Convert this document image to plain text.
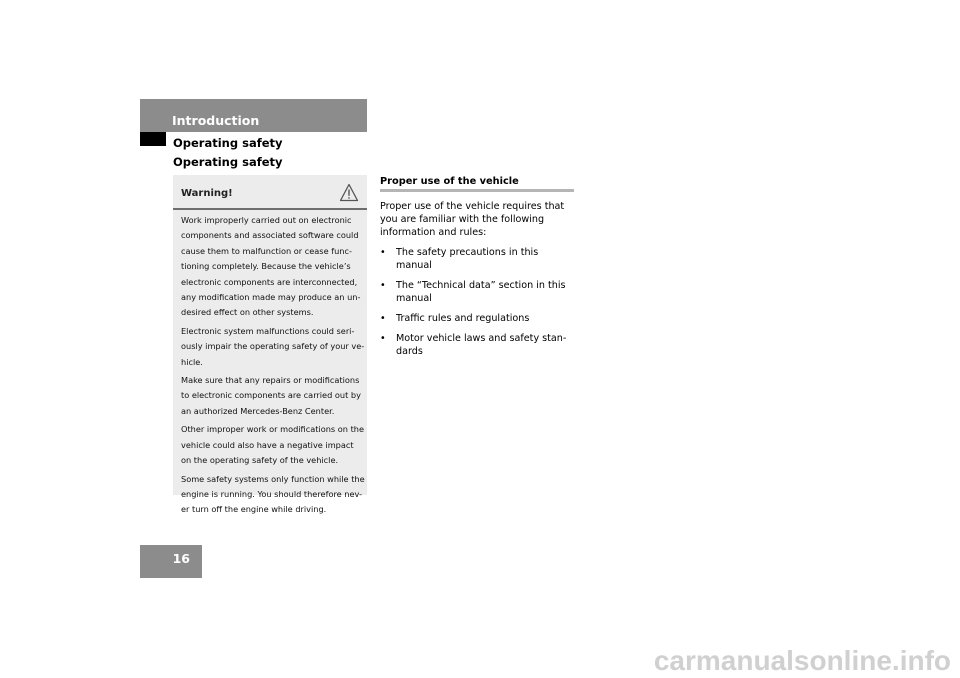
Introduction
Operating safety
Operating safety
Warning!

Work improperly carried out on electronic components and associated software could cause them to malfunction or cease func-tioning completely. Because the vehicle’s electronic components are interconnected, any modification made may produce an un-desired effect on other systems.

Electronic system malfunctions could seri-ously impair the operating safety of your ve-hicle.

Make sure that any repairs or modifications to electronic components are carried out by an authorized Mercedes-Benz Center.

Other improper work or modifications on the vehicle could also have a negative impact on the operating safety of the vehicle.

Some safety systems only function while the engine is running. You should therefore nev-er turn off the engine while driving.

Proper use of the vehicle

Proper use of the vehicle requires that you are familiar with the following information and rules:

• The safety precautions in this manual
• The “Technical data” section in this manual
• Traffic rules and regulations
• Motor vehicle laws and safety stan-dards
16
carmanualsonline.info
